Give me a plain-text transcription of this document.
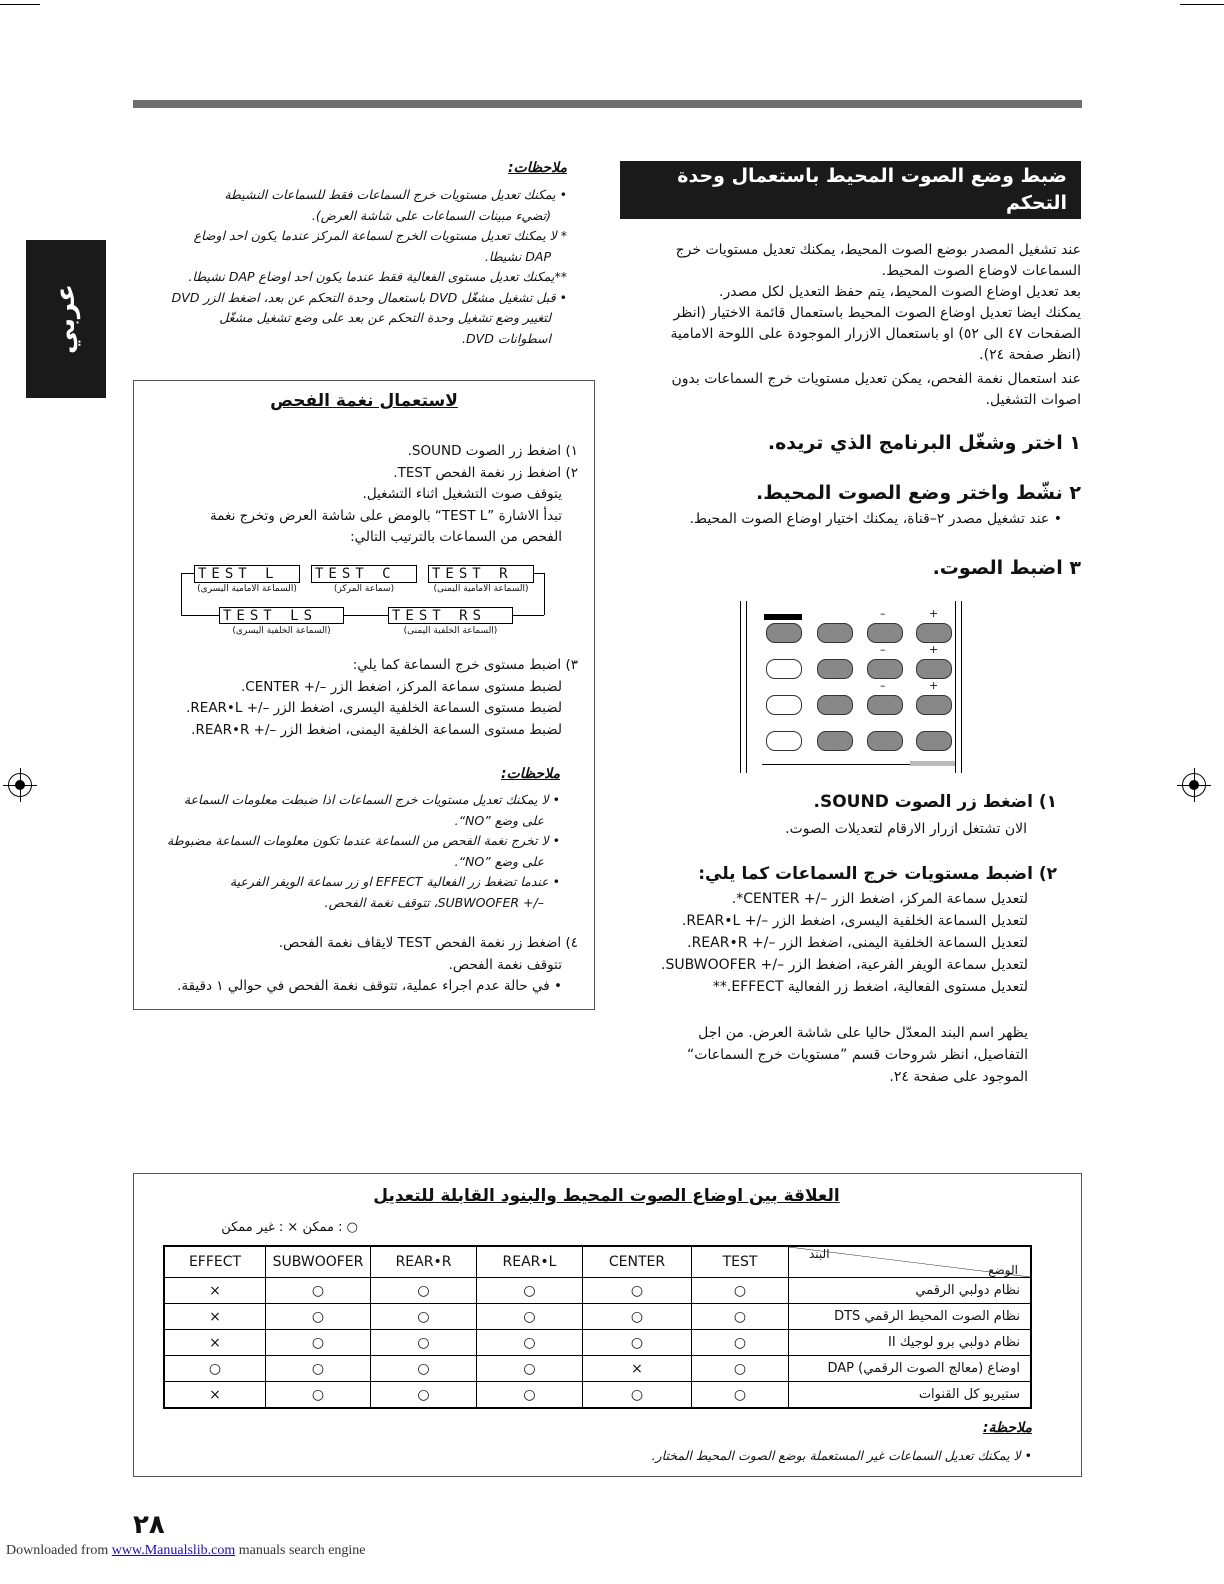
ﻋﺮﺑﻲ
ضبط وضع الصوت المحيط باستعمال وحدة التحكم
عن بعد
عند تشغيل المصدر بوضع الصوت المحيط، يمكنك تعديل مستويات خرج
السماعات لاوضاع الصوت المحيط.
بعد تعديل اوضاع الصوت المحيط، يتم حفظ التعديل لكل مصدر.
يمكنك ايضا تعديل اوضاع الصوت المحيط باستعمال قائمة الاختيار (انظر
الصفحات ٤٧ الى ٥٢) او باستعمال الازرار الموجودة على اللوحة الامامية
(انظر صفحة ٢٤).
عند استعمال نغمة الفحص، يمكن تعديل مستويات خرج السماعات بدون
اصوات التشغيل.
١ اختر وشغّل البرنامج الذي تريده.
٢ نشّط واختر وضع الصوت المحيط.
• عند تشغيل مصدر ٢–قناة، يمكنك اختيار اوضاع الصوت المحيط.
٣ اضبط الصوت.
–	+
–	+
–	+
١) اضغط زر الصوت SOUND.
الان تشتغل ازرار الارقام لتعديلات الصوت.
٢) اضبط مستويات خرج السماعات كما يلي:
لتعديل سماعة المركز، اضغط الزر –/+ CENTER*.
لتعديل السماعة الخلفية اليسرى، اضغط الزر –/+ REAR•L.
لتعديل السماعة الخلفية اليمنى، اضغط الزر –/+ REAR•R.
لتعديل سماعة الويفر الفرعية، اضغط الزر –/+ SUBWOOFER.
لتعديل مستوى الفعالية، اضغط زر الفعالية EFFECT.**
يظهر اسم البند المعدّل حاليا على شاشة العرض. من اجل
التفاصيل، انظر شروحات قسم ”مستويات خرج السماعات“
الموجود على صفحة ٢٤.
ملاحظات:
• يمكنك تعديل مستويات خرج السماعات فقط للسماعات النشيطة
(تضيء مبينات السماعات على شاشة العرض).
* لا يمكنك تعديل مستويات الخرج لسماعة المركز عندما يكون احد اوضاع
DAP نشيطا.
**يمكنك تعديل مستوى الفعالية فقط عندما يكون احد اوضاع DAP نشيطا.
• قبل تشغيل مشغّل DVD باستعمال وحدة التحكم عن بعد، اضغط الزر DVD
لتغيير وضع تشغيل وحدة التحكم عن بعد على وضع تشغيل مشغّل
اسطوانات DVD.
لاستعمال نغمة الفحص
١) اضغط زر الصوت SOUND.
٢) اضغط زر نغمة الفحص TEST.
يتوقف صوت التشغيل اثناء التشغيل.
تبدأ الاشارة ”TEST L“ بالومض على شاشة العرض وتخرج نغمة
الفحص من السماعات بالترتيب التالي:
TEST L	TEST C	TEST R
(السماعة الامامية اليسرى)	(سماعة المركز)	(السماعة الامامية اليمنى)
TEST LS	TEST RS
(السماعة الخلفية اليسرى)	(السماعة الخلفية اليمنى)
٣) اضبط مستوى خرج السماعة كما يلي:
لضبط مستوى سماعة المركز، اضغط الزر –/+ CENTER.
لضبط مستوى السماعة الخلفية اليسرى، اضغط الزر –/+ REAR•L.
لضبط مستوى السماعة الخلفية اليمنى، اضغط الزر –/+ REAR•R.
ملاحظات:
• لا يمكنك تعديل مستويات خرج السماعات اذا ضبطت معلومات السماعة
على وضع ”NO“.
• لا تخرج نغمة الفحص من السماعة عندما تكون معلومات السماعة مضبوطة
على وضع ”NO“.
• عندما تضغط زر الفعالية EFFECT او زر سماعة الويفر الفرعية
–/+ SUBWOOFER، تتوقف نغمة الفحص.
٤) اضغط زر نغمة الفحص TEST لايقاف نغمة الفحص.
تتوقف نغمة الفحص.
• في حالة عدم اجراء عملية، تتوقف نغمة الفحص في حوالي ١ دقيقة.
العلاقة بين اوضاع الصوت المحيط والبنود القابلة للتعديل
○ : ممكن × : غير ممكن
EFFECT	SUBWOOFER	REAR•R	REAR•L	CENTER	TEST	البند
الوضع

×	○	○	○	○	○	نظام دولبي الرقمي
×	○	○	○	○	○	نظام الصوت المحيط الرقمي DTS
×	○	○	○	○	○	نظام دولبي برو لوجيك II
○	○	○	○	×	○	اوضاع (معالج الصوت الرقمي) DAP
×	○	○	○	○	○	ستيريو كل القنوات
ملاحظة:
• لا يمكنك تعديل السماعات غير المستعملة بوضع الصوت المحيط المختار.
٢٨
Downloaded from www.Manualslib.com manuals search engine
